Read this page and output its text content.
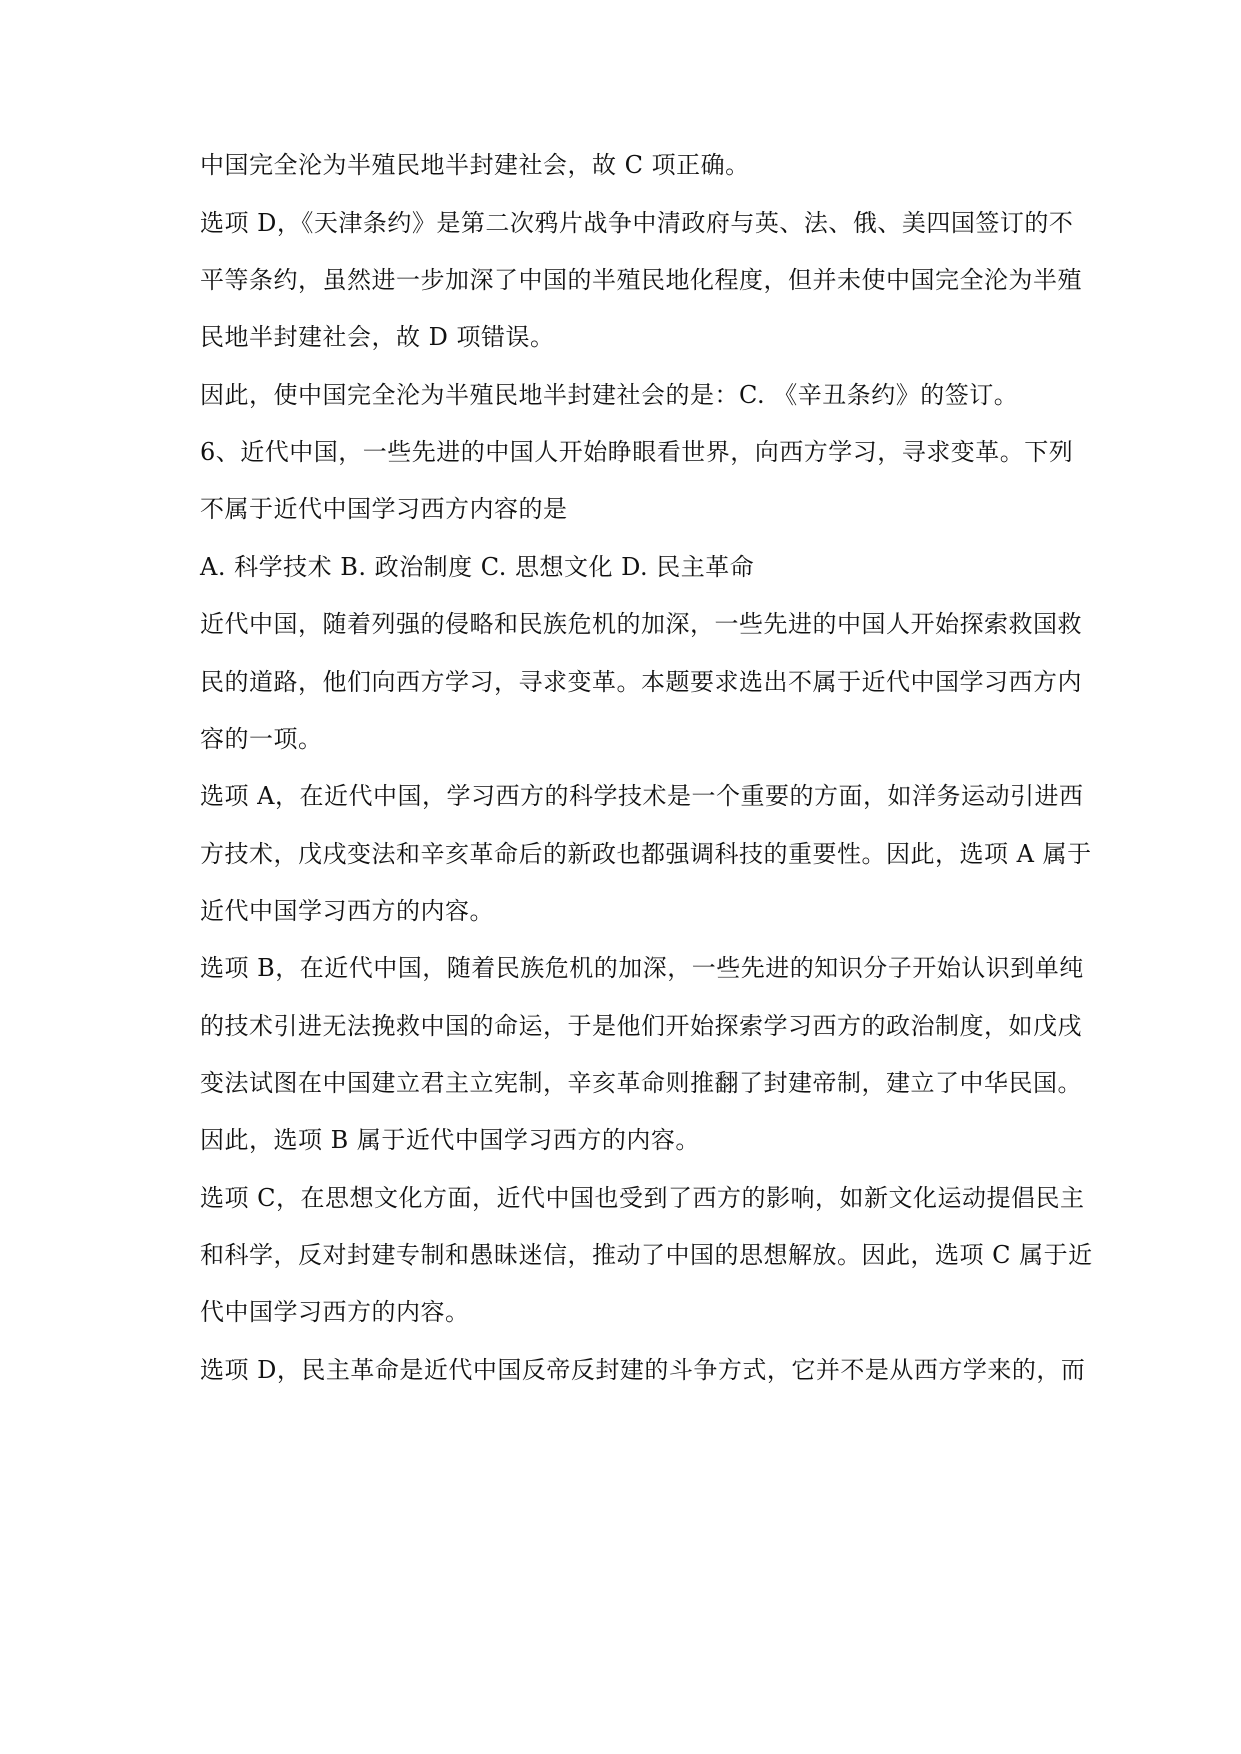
中国完全沦为半殖民地半封建社会，故 C 项正确。
选项 D，《天津条约》是第二次鸦片战争中清政府与英、法、俄、美四国签订的不
平等条约，虽然进一步加深了中国的半殖民地化程度，但并未使中国完全沦为半殖
民地半封建社会，故 D 项错误。
因此，使中国完全沦为半殖民地半封建社会的是：C. 《辛丑条约》的签订。
6、近代中国，一些先进的中国人开始睁眼看世界，向西方学习，寻求变革。下列
不属于近代中国学习西方内容的是
A. 科学技术 B. 政治制度 C. 思想文化 D. 民主革命
近代中国，随着列强的侵略和民族危机的加深，一些先进的中国人开始探索救国救
民的道路，他们向西方学习，寻求变革。本题要求选出不属于近代中国学习西方内
容的一项。
选项 A，在近代中国，学习西方的科学技术是一个重要的方面，如洋务运动引进西
方技术，戊戌变法和辛亥革命后的新政也都强调科技的重要性。因此，选项 A 属于
近代中国学习西方的内容。
选项 B，在近代中国，随着民族危机的加深，一些先进的知识分子开始认识到单纯
的技术引进无法挽救中国的命运，于是他们开始探索学习西方的政治制度，如戊戌
变法试图在中国建立君主立宪制，辛亥革命则推翻了封建帝制，建立了中华民国。
因此，选项 B 属于近代中国学习西方的内容。
选项 C，在思想文化方面，近代中国也受到了西方的影响，如新文化运动提倡民主
和科学，反对封建专制和愚昧迷信，推动了中国的思想解放。因此，选项 C 属于近
代中国学习西方的内容。
选项 D，民主革命是近代中国反帝反封建的斗争方式，它并不是从西方学来的，而
